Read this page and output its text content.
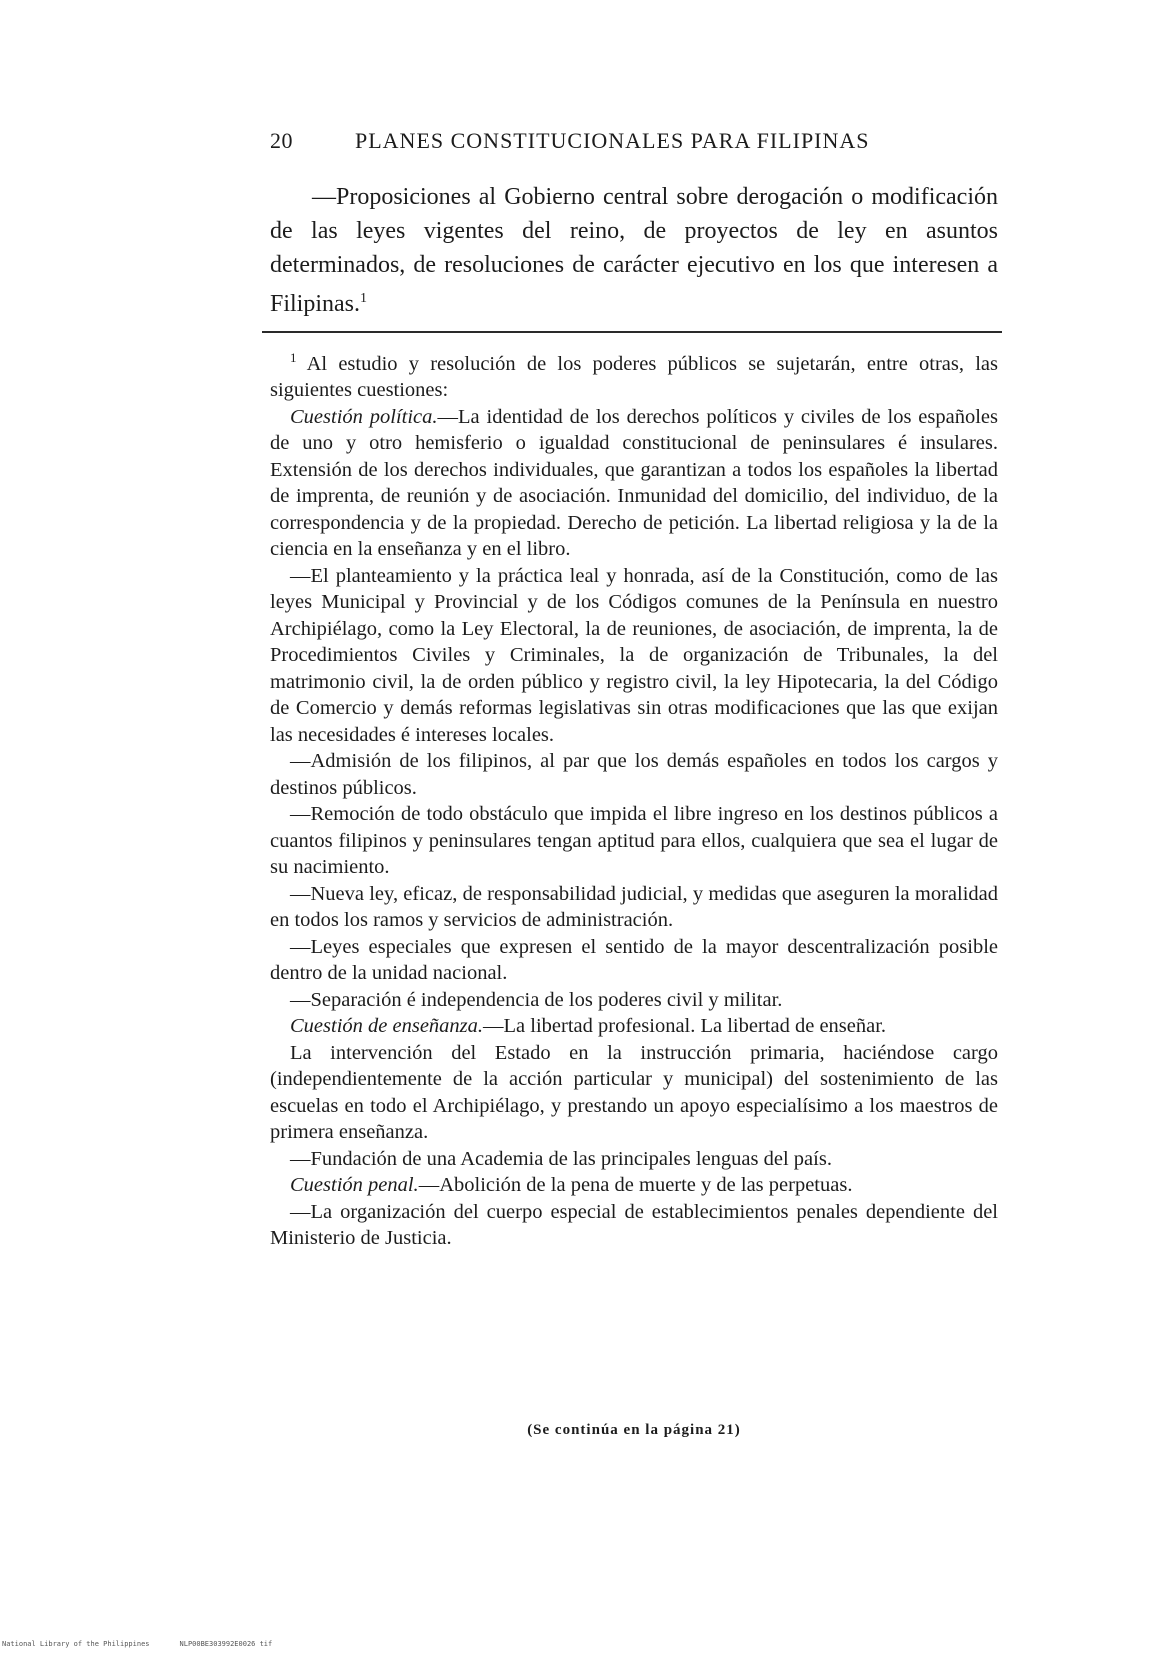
20	PLANES CONSTITUCIONALES PARA FILIPINAS

—Proposiciones al Gobierno central sobre derogación o modificación de las leyes vigentes del reino, de proyectos de ley en asuntos determinados, de resoluciones de carácter ejecutivo en los que interesen a Filipinas.$^1$

$^1$ Al estudio y resolución de los poderes públicos se sujetarán, entre otras, las siguientes cuestiones:

Cuestión política.—La identidad de los derechos políticos y civiles de los españoles de uno y otro hemisferio o igualdad constitucional de peninsulares é insulares. Extensión de los derechos individuales, que garantizan a todos los españoles la libertad de imprenta, de reunión y de asociación. Inmunidad del domicilio, del individuo, de la correspondencia y de la propiedad. Derecho de petición. La libertad religiosa y la de la ciencia en la enseñanza y en el libro.

—El planteamiento y la práctica leal y honrada, así de la Constitución, como de las leyes Municipal y Provincial y de los Códigos comunes de la Península en nuestro Archipiélago, como la Ley Electoral, la de reuniones, de asociación, de imprenta, la de Procedimientos Civiles y Criminales, la de organización de Tribunales, la del matrimonio civil, la de orden público y registro civil, la ley Hipotecaria, la del Código de Comercio y demás reformas legislativas sin otras modificaciones que las que exijan las necesidades é intereses locales.

—Admisión de los filipinos, al par que los demás españoles en todos los cargos y destinos públicos.

—Remoción de todo obstáculo que impida el libre ingreso en los destinos públicos a cuantos filipinos y peninsulares tengan aptitud para ellos, cualquiera que sea el lugar de su nacimiento.

—Nueva ley, eficaz, de responsabilidad judicial, y medidas que aseguren la moralidad en todos los ramos y servicios de administración.

—Leyes especiales que expresen el sentido de la mayor descentralización posible dentro de la unidad nacional.

—Separación é independencia de los poderes civil y militar.

Cuestión de enseñanza.—La libertad profesional. La libertad de enseñar.

La intervención del Estado en la instrucción primaria, haciéndose cargo (independientemente de la acción particular y municipal) del sostenimiento de las escuelas en todo el Archipiélago, y prestando un apoyo especialísimo a los maestros de primera enseñanza.

—Fundación de una Academia de las principales lenguas del país.

Cuestión penal.—Abolición de la pena de muerte y de las perpetuas.

—La organización del cuerpo especial de establecimientos penales dependiente del Ministerio de Justicia.

(Se continúa en la página 21)
National Library of the Philippines	NLP00BE303992E0026 tif
